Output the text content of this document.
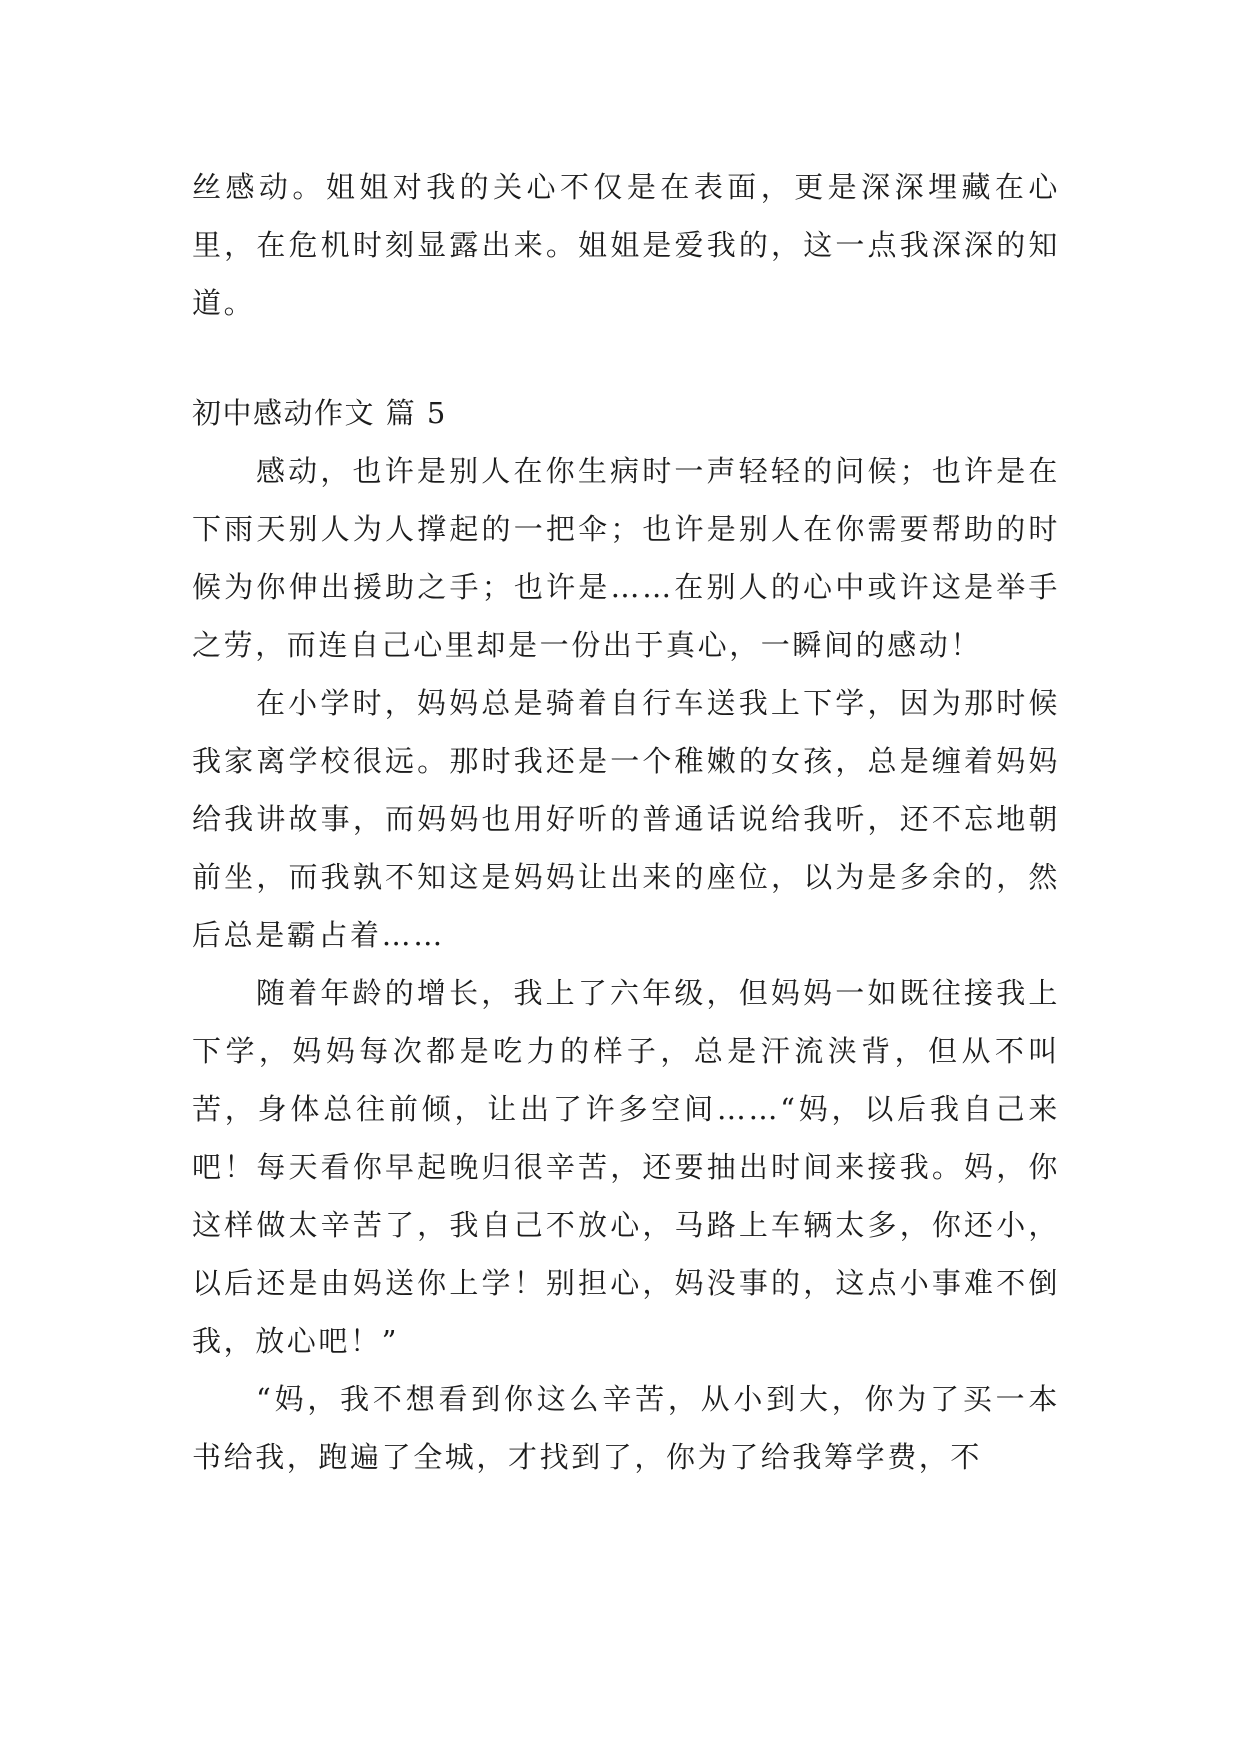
丝感动。姐姐对我的关心不仅是在表面，更是深深埋藏在心里，在危机时刻显露出来。姐姐是爱我的，这一点我深深的知道。

初中感动作文 篇 5

感动，也许是别人在你生病时一声轻轻的问候；也许是在下雨天别人为人撑起的一把伞；也许是别人在你需要帮助的时候为你伸出援助之手；也许是……在别人的心中或许这是举手之劳，而连自己心里却是一份出于真心，一瞬间的感动！

在小学时，妈妈总是骑着自行车送我上下学，因为那时候我家离学校很远。那时我还是一个稚嫩的女孩，总是缠着妈妈给我讲故事，而妈妈也用好听的普通话说给我听，还不忘地朝前坐，而我孰不知这是妈妈让出来的座位，以为是多余的，然后总是霸占着……

随着年龄的增长，我上了六年级，但妈妈一如既往接我上下学，妈妈每次都是吃力的样子，总是汗流浃背，但从不叫苦，身体总往前倾，让出了许多空间……“妈，以后我自己来吧！每天看你早起晚归很辛苦，还要抽出时间来接我。妈，你这样做太辛苦了，我自己不放心，马路上车辆太多，你还小，以后还是由妈送你上学！别担心，妈没事的，这点小事难不倒我，放心吧！”

“妈，我不想看到你这么辛苦，从小到大，你为了买一本书给我，跑遍了全城，才找到了，你为了给我筹学费，不
